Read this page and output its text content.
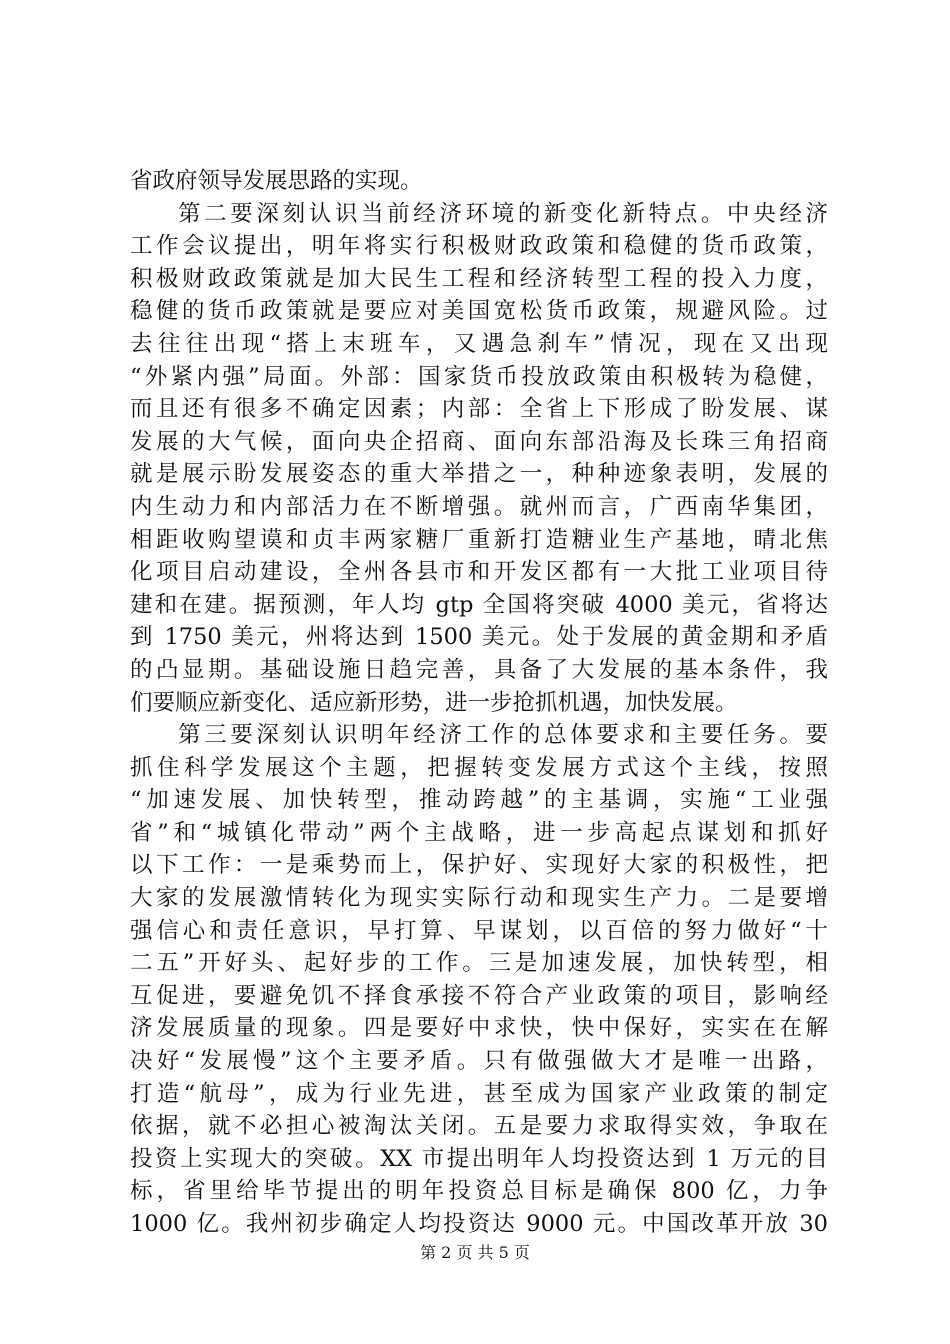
省政府领导发展思路的实现。
第二要深刻认识当前经济环境的新变化新特点。中央经济
工作会议提出，明年将实行积极财政政策和稳健的货币政策，
积极财政政策就是加大民生工程和经济转型工程的投入力度，
稳健的货币政策就是要应对美国宽松货币政策，规避风险。过
去往往出现“搭上末班车，又遇急刹车”情况，现在又出现
“外紧内强”局面。外部：国家货币投放政策由积极转为稳健，
而且还有很多不确定因素；内部：全省上下形成了盼发展、谋
发展的大气候，面向央企招商、面向东部沿海及长珠三角招商
就是展示盼发展姿态的重大举措之一，种种迹象表明，发展的
内生动力和内部活力在不断增强。就州而言，广西南华集团，
相距收购望谟和贞丰两家糖厂重新打造糖业生产基地，晴北焦
化项目启动建设，全州各县市和开发区都有一大批工业项目待
建和在建。据预测，年人均 gtp 全国将突破 4000 美元，省将达
到 1750 美元，州将达到 1500 美元。处于发展的黄金期和矛盾
的凸显期。基础设施日趋完善，具备了大发展的基本条件，我
们要顺应新变化、适应新形势，进一步抢抓机遇，加快发展。
第三要深刻认识明年经济工作的总体要求和主要任务。要
抓住科学发展这个主题，把握转变发展方式这个主线，按照
“加速发展、加快转型，推动跨越”的主基调，实施“工业强
省”和“城镇化带动”两个主战略，进一步高起点谋划和抓好
以下工作：一是乘势而上，保护好、实现好大家的积极性，把
大家的发展激情转化为现实实际行动和现实生产力。二是要增
强信心和责任意识，早打算、早谋划，以百倍的努力做好“十
二五”开好头、起好步的工作。三是加速发展，加快转型，相
互促进，要避免饥不择食承接不符合产业政策的项目，影响经
济发展质量的现象。四是要好中求快，快中保好，实实在在解
决好“发展慢”这个主要矛盾。只有做强做大才是唯一出路，
打造“航母”，成为行业先进，甚至成为国家产业政策的制定
依据，就不必担心被淘汰关闭。五是要力求取得实效，争取在
投资上实现大的突破。XX 市提出明年人均投资达到 1 万元的目
标，省里给毕节提出的明年投资总目标是确保 800 亿，力争
1000 亿。我州初步确定人均投资达 9000 元。中国改革开放 30
第 2 页 共 5 页
